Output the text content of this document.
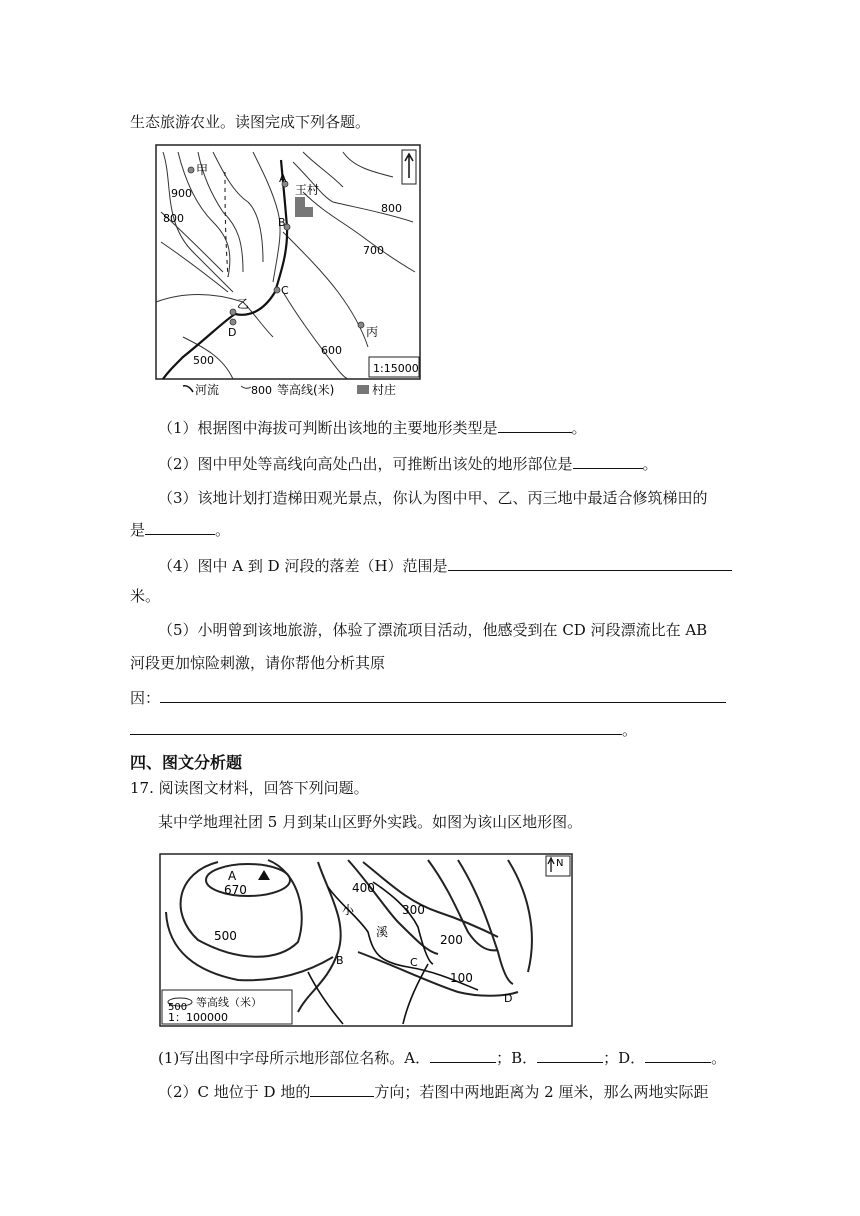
生态旅游农业。读图完成下列各题。
1:15000
甲
A
王村
B
C
乙
D	丙
900
800
800
700
600
500
河流	800 等高线(米)	村庄
（1）根据图中海拔可判断出该地的主要地形类型是	。
（2）图中甲处等高线向高处凸出，可推断出该处的地形部位是	。
（3）该地计划打造梯田观光景点，你认为图中甲、乙、丙三地中最适合修筑梯田的
是	。
（4）图中 A 到 D 河段的落差（H）范围是
米。
（5）小明曾到该地旅游，体验了漂流项目活动，他感受到在 CD 河段漂流比在 AB
河段更加惊险刺激，请你帮他分析其原
因：
。
四、图文分析题
17. 阅读图文材料，回答下列问题。
某中学地理社团 5 月到某山区野外实践。如图为该山区地形图。
N
A
670
B	C
D
小
溪
400
300
200
100
500
500 等高线（米）
1：100000
(1)写出图中字母所示地形部位名称。A．	；B．	；D．	。
（2）C 地位于 D 地的	方向；若图中两地距离为 2 厘米，那么两地实际距
